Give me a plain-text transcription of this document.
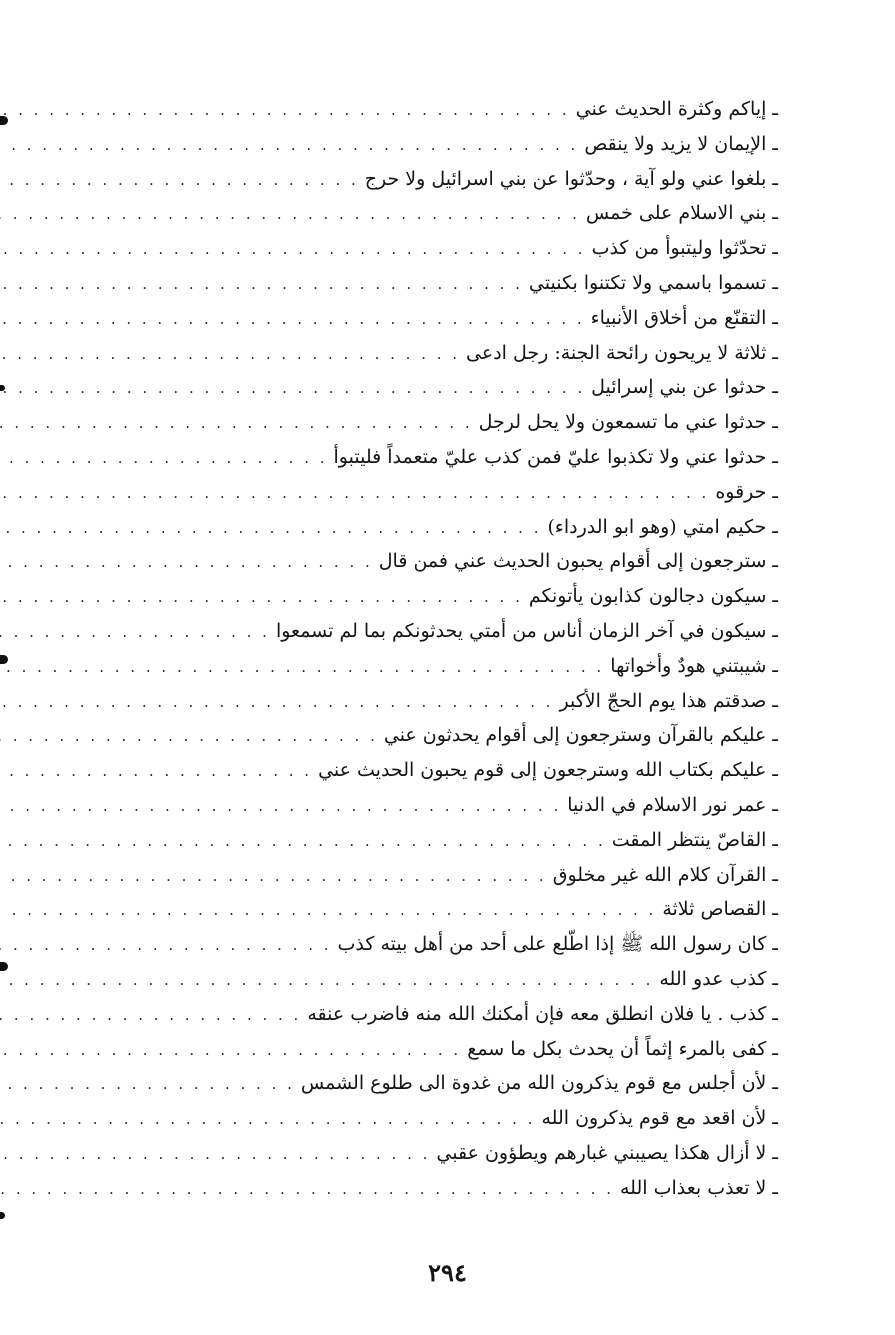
ـ إياكم وكثرة الحديث عني
. . .
ـ الإيمان لا يزيد ولا ينقص
. . .
ـ بلغوا عني ولو آية ، وحدّثوا عن بني اسرائيل ولا حرج
. . .
ـ بني الاسلام على خمس
. . .
ـ تحدّثوا وليتبوأ من كذب
. . .
ـ تسموا باسمي ولا تكتنوا بكنيتي
. . .
ـ التقنّع من أخلاق الأنبياء
. . .
ـ ثلاثة لا يريحون رائحة الجنة: رجل ادعى
. . .
ـ حدثوا عن بني إسرائيل
. . .
ـ حدثوا عني ما تسمعون ولا يحل لرجل
. . .
ـ حدثوا عني ولا تكذبوا عليّ فمن كذب عليّ متعمداً فليتبوأ
. . .
ـ حرقوه
. . .
ـ حكيم امتي (وهو ابو الدرداء)
. . .
ـ سترجعون إلى أقوام يحبون الحديث عني فمن قال
. . .
ـ سيكون دجالون كذابون يأتونكم
. . .
ـ سيكون في آخر الزمان أناس من أمتي يحدثونكم بما لم تسمعوا
. . .
ـ شيبتني هودٌ وأخواتها
. . .
ـ صدقتم هذا يوم الحجّ الأكبر
. . .
ـ عليكم بالقرآن وسترجعون إلى أقوام يحدثون عني
. . .
ـ عليكم بكتاب الله وسترجعون إلى قوم يحبون الحديث عني
. . .
ـ عمر نور الاسلام في الدنيا
. . .
ـ القاصّ ينتظر المقت
. . .
ـ القرآن كلام الله غير مخلوق
. . .
ـ القصاص ثلاثة
. . .
ـ كان رسول الله ﷺ إذا اطّلع على أحد من أهل بيته كذب
. . .
ـ كذب عدو الله
. . .
ـ كذب . يا فلان انطلق معه فإن أمكنك الله منه فاضرب عنقه
. . .
ـ كفى بالمرء إثماً أن يحدث بكل ما سمع
. . .
ـ لأن أجلس مع قوم يذكرون الله من غدوة الى طلوع الشمس
. . .
ـ لأن اقعد مع قوم يذكرون الله
. . .
ـ لا أزال هكذا يصيبني غبارهم ويطؤون عقبي
. . .
ـ لا تعذب بعذاب الله
. . .
٢٩٤
